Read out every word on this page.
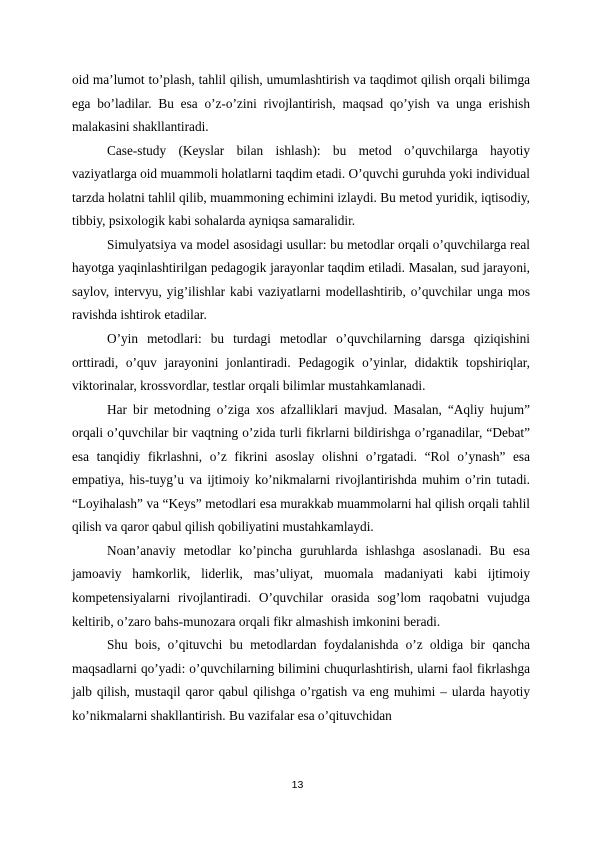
oid ma’lumot to’plash, tahlil qilish, umumlashtirish va taqdimot qilish orqali bilimga ega bo’ladilar. Bu esa o’z-o’zini rivojlantirish, maqsad qo’yish va unga erishish malakasini shakllantiradi.

Case-study (Keyslar bilan ishlash): bu metod o’quvchilarga hayotiy vaziyatlarga oid muammoli holatlarni taqdim etadi. O’quvchi guruhda yoki individual tarzda holatni tahlil qilib, muammoning echimini izlaydi. Bu metod yuridik, iqtisodiy, tibbiy, psixologik kabi sohalarda ayniqsa samaralidir.

Simulyatsiya va model asosidagi usullar: bu metodlar orqali o’quvchilarga real hayotga yaqinlashtirilgan pedagogik jarayonlar taqdim etiladi. Masalan, sud jarayoni, saylov, intervyu, yig’ilishlar kabi vaziyatlarni modellashtirib, o’quvchilar unga mos ravishda ishtirok etadilar.

O’yin metodlari: bu turdagi metodlar o’quvchilarning darsga qiziqishini orttiradi, o’quv jarayonini jonlantiradi. Pedagogik o’yinlar, didaktik topshiriqlar, viktorinalar, krossvordlar, testlar orqali bilimlar mustahkamlanadi.

Har bir metodning o’ziga xos afzalliklari mavjud. Masalan, “Aqliy hujum” orqali o’quvchilar bir vaqtning o’zida turli fikrlarni bildirishga o’rganadilar, “Debat” esa tanqidiy fikrlashni, o’z fikrini asoslay olishni o’rgatadi. “Rol o’ynash” esa empatiya, his-tuyg’u va ijtimoiy ko’nikmalarni rivojlantirishda muhim o’rin tutadi. “Loyihalash” va “Keys” metodlari esa murakkab muammolarni hal qilish orqali tahlil qilish va qaror qabul qilish qobiliyatini mustahkamlaydi.

Noan’anaviy metodlar ko’pincha guruhlarda ishlashga asoslanadi. Bu esa jamoaviy hamkorlik, liderlik, mas’uliyat, muomala madaniyati kabi ijtimoiy kompetensiyalarni rivojlantiradi. O’quvchilar orasida sog’lom raqobatni vujudga keltirib, o’zaro bahs-munozara orqali fikr almashish imkonini beradi.

Shu bois, o’qituvchi bu metodlardan foydalanishda o’z oldiga bir qancha maqsadlarni qo’yadi: o’quvchilarning bilimini chuqurlashtirish, ularni faol fikrlashga jalb qilish, mustaqil qaror qabul qilishga o’rgatish va eng muhimi – ularda hayotiy ko’nikmalarni shakllantirish. Bu vazifalar esa o’qituvchidan

13
